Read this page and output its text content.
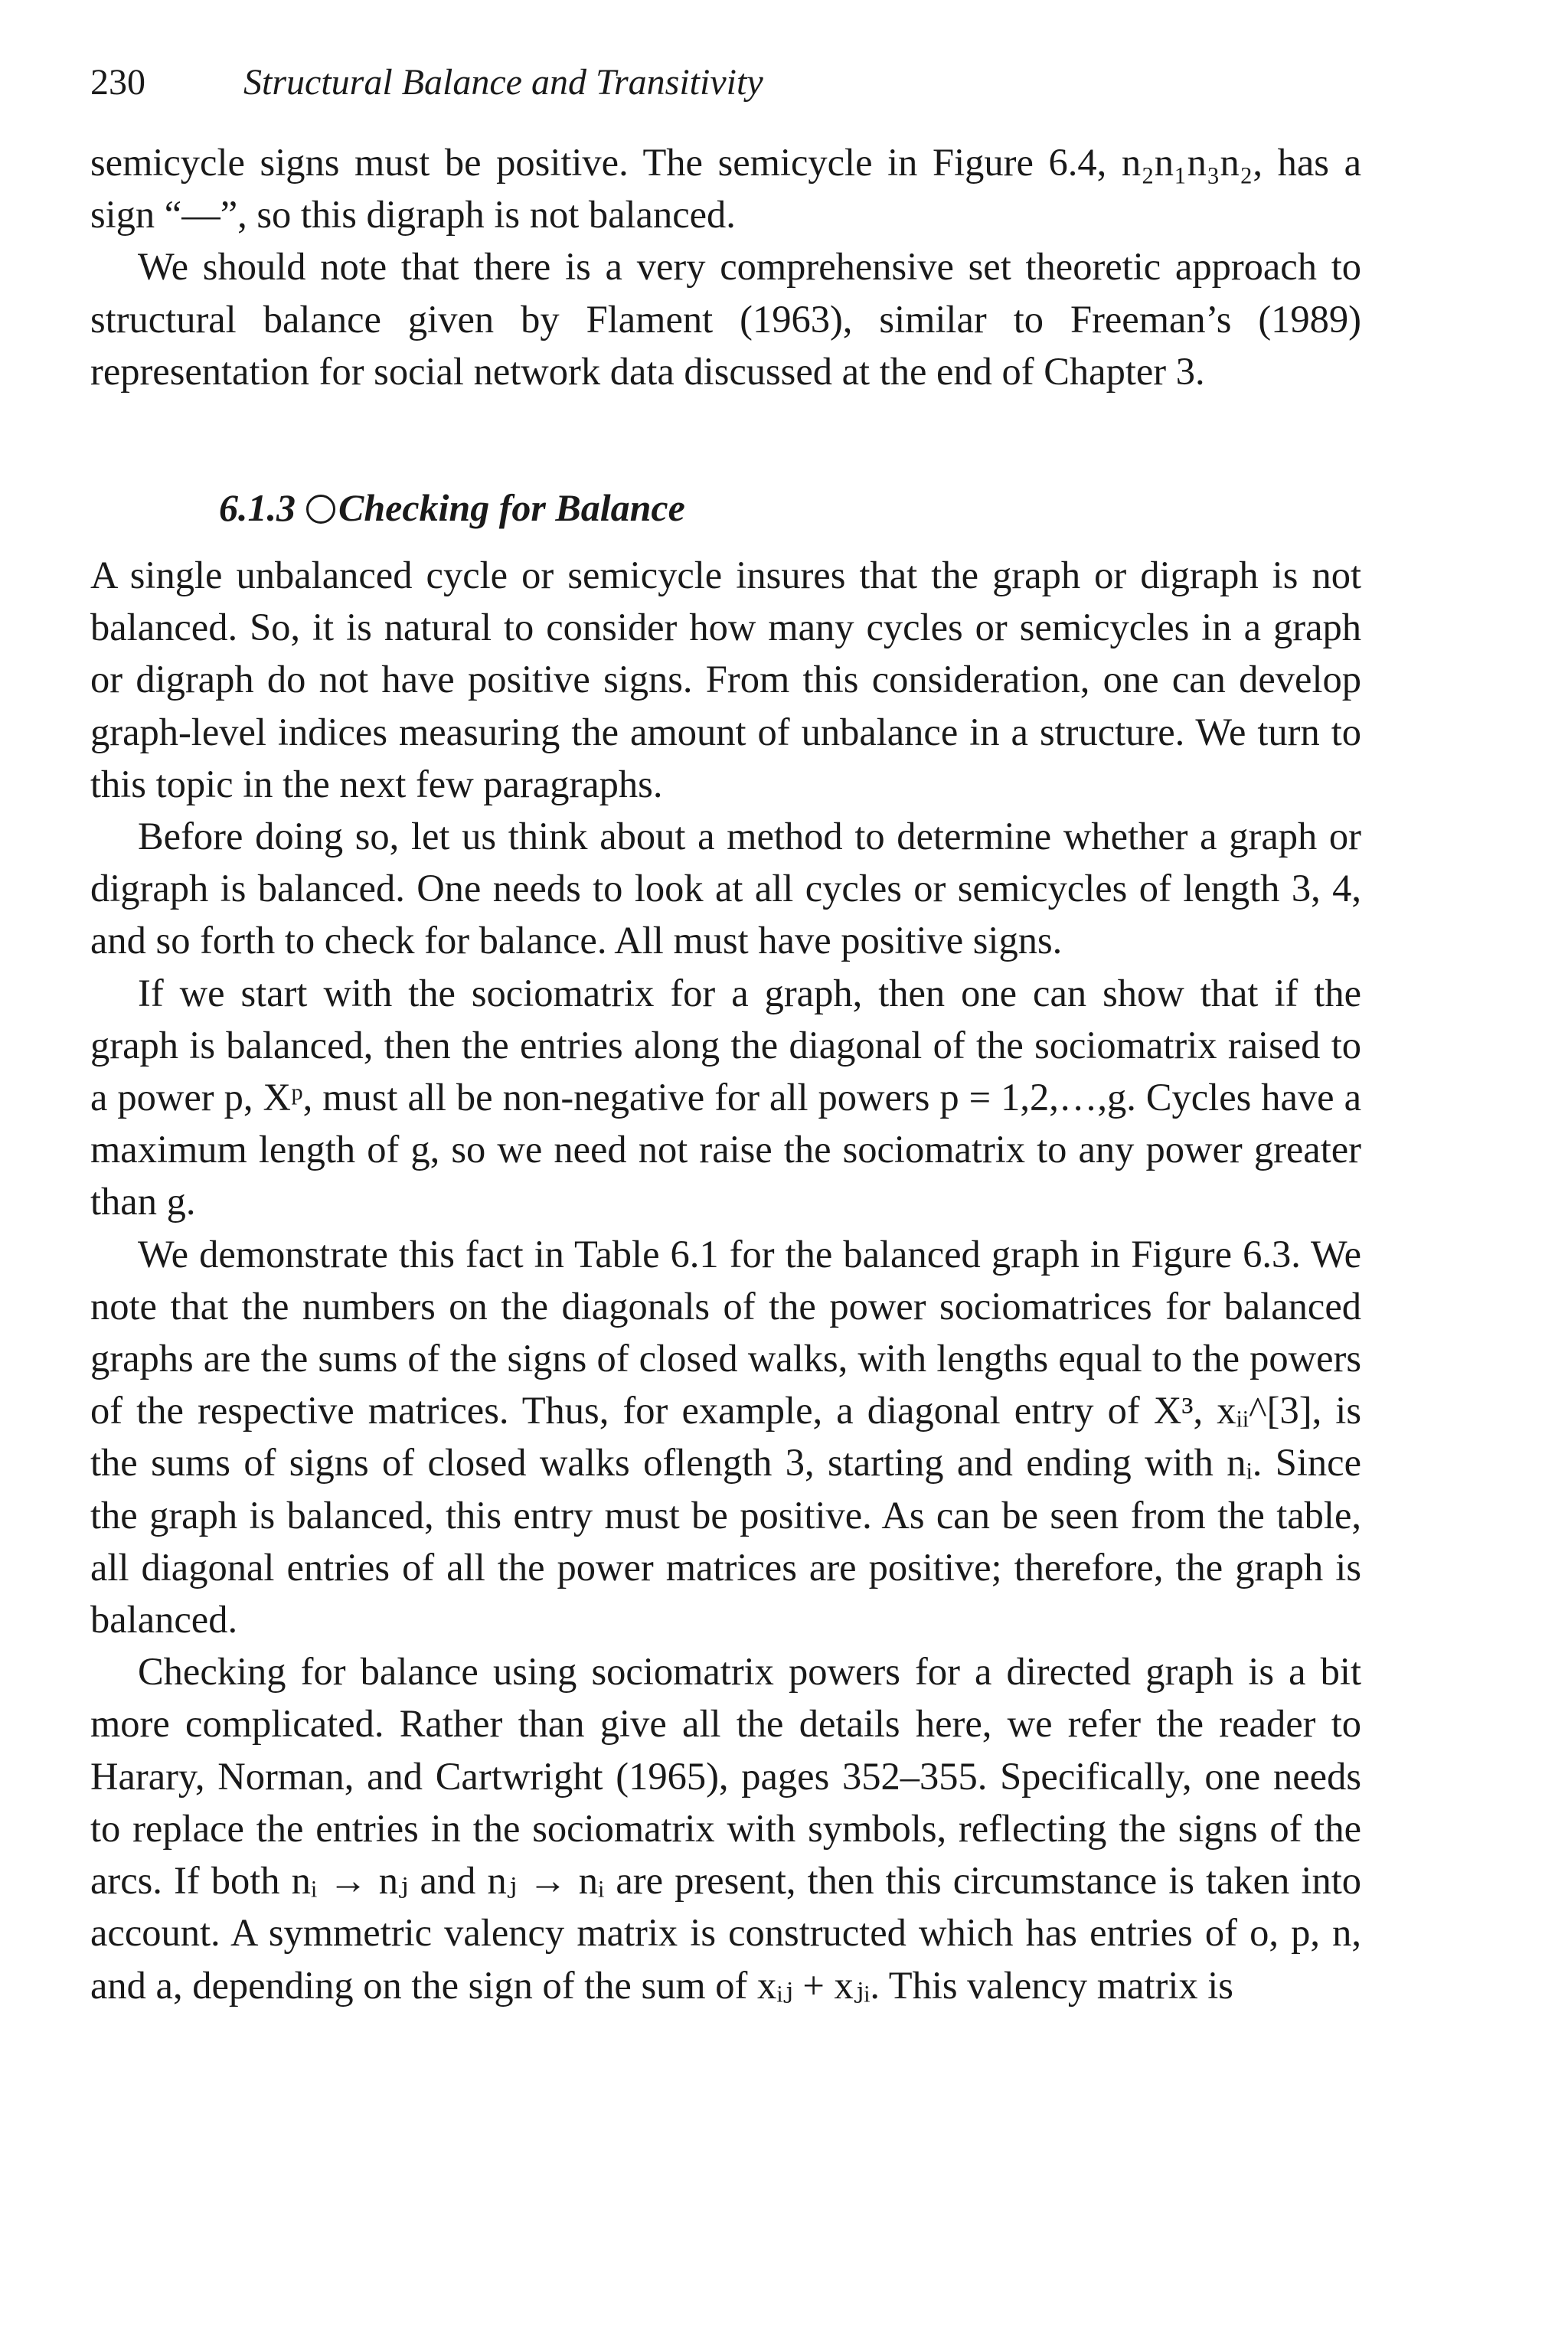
230	Structural Balance and Transitivity

semicycle signs must be positive. The semicycle in Figure 6.4, n₂n₁n₃n₂, has a sign “—”, so this digraph is not balanced.

We should note that there is a very comprehensive set theoretic approach to structural balance given by Flament (1963), similar to Freeman’s (1989) representation for social network data discussed at the end of Chapter 3.

6.1.3 Checking for Balance

A single unbalanced cycle or semicycle insures that the graph or digraph is not balanced. So, it is natural to consider how many cycles or semicycles in a graph or digraph do not have positive signs. From this consideration, one can develop graph-level indices measuring the amount of unbalance in a structure. We turn to this topic in the next few paragraphs.

Before doing so, let us think about a method to determine whether a graph or digraph is balanced. One needs to look at all cycles or semicycles of length 3, 4, and so forth to check for balance. All must have positive signs.

If we start with the sociomatrix for a graph, then one can show that if the graph is balanced, then the entries along the diagonal of the sociomatrix raised to a power p, Xᵖ, must all be non-negative for all powers p = 1,2,…,g. Cycles have a maximum length of g, so we need not raise the sociomatrix to any power greater than g.

We demonstrate this fact in Table 6.1 for the balanced graph in Figure 6.3. We note that the numbers on the diagonals of the power sociomatrices for balanced graphs are the sums of the signs of closed walks, with lengths equal to the powers of the respective matrices. Thus, for example, a diagonal entry of X³, xᵢᵢ^[3], is the sums of signs of closed walks oflength 3, starting and ending with nᵢ. Since the graph is balanced, this entry must be positive. As can be seen from the table, all diagonal entries of all the power matrices are positive; therefore, the graph is balanced.

Checking for balance using sociomatrix powers for a directed graph is a bit more complicated. Rather than give all the details here, we refer the reader to Harary, Norman, and Cartwright (1965), pages 352–355. Specifically, one needs to replace the entries in the sociomatrix with symbols, reflecting the signs of the arcs. If both nᵢ → nⱼ and nⱼ → nᵢ are present, then this circumstance is taken into account. A symmetric valency matrix is constructed which has entries of o, p, n, and a, depending on the sign of the sum of xᵢⱼ + xⱼᵢ. This valency matrix is
